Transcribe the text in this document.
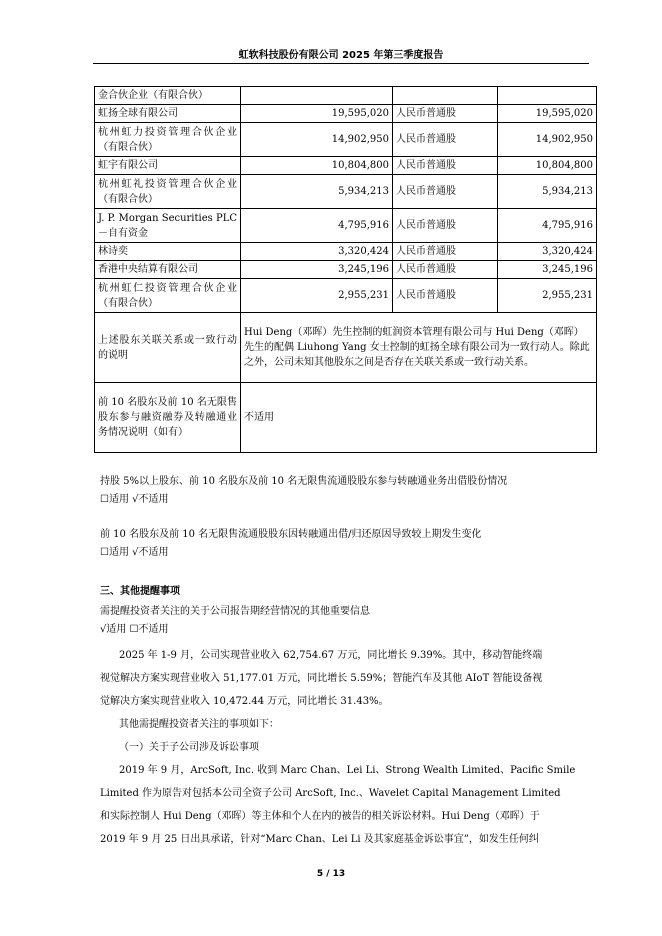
虹软科技股份有限公司 2025 年第三季度报告
金合伙企业（有限合伙）			
虹扬全球有限公司	19,595,020	人民币普通股	19,595,020
杭州虹力投资管理合伙企业（有限合伙）	14,902,950	人民币普通股	14,902,950
虹宇有限公司	10,804,800	人民币普通股	10,804,800
杭州虹礼投资管理合伙企业（有限合伙）	5,934,213	人民币普通股	5,934,213
J. P. Morgan Securities PLC－自有资金	4,795,916	人民币普通股	4,795,916
林诗奕	3,320,424	人民币普通股	3,320,424
香港中央结算有限公司	3,245,196	人民币普通股	3,245,196
杭州虹仁投资管理合伙企业（有限合伙）	2,955,231	人民币普通股	2,955,231
上述股东关联关系或一致行动的说明	Hui Deng（邓晖）先生控制的虹润资本管理有限公司与 Hui Deng（邓晖）先生的配偶 Liuhong Yang 女士控制的虹扬全球有限公司为一致行动人。除此之外，公司未知其他股东之间是否存在关联关系或一致行动关系。		
前 10 名股东及前 10 名无限售股东参与融资融券及转融通业务情况说明（如有）	不适用		
持股 5%以上股东、前 10 名股东及前 10 名无限售流通股股东参与转融通业务出借股份情况
☐适用 √不适用
前 10 名股东及前 10 名无限售流通股股东因转融通出借/归还原因导致较上期发生变化
☐适用 √不适用
三、其他提醒事项
需提醒投资者关注的关于公司报告期经营情况的其他重要信息
√适用 ☐不适用
2025 年 1-9 月，公司实现营业收入 62,754.67 万元，同比增长 9.39%。其中，移动智能终端
视觉解决方案实现营业收入 51,177.01 万元，同比增长 5.59%；智能汽车及其他 AIoT 智能设备视
觉解决方案实现营业收入 10,472.44 万元，同比增长 31.43%。
其他需提醒投资者关注的事项如下：
（一）关于子公司涉及诉讼事项
2019 年 9 月，ArcSoft, Inc. 收到 Marc Chan、Lei Li、Strong Wealth Limited、Pacific Smile
Limited 作为原告对包括本公司全资子公司 ArcSoft, Inc.、Wavelet Capital Management Limited
和实际控制人 Hui Deng（邓晖）等主体和个人在内的被告的相关诉讼材料。Hui Deng（邓晖）于
2019 年 9 月 25 日出具承诺，针对“Marc Chan、Lei Li 及其家庭基金诉讼事宜”，如发生任何纠
5 / 13
